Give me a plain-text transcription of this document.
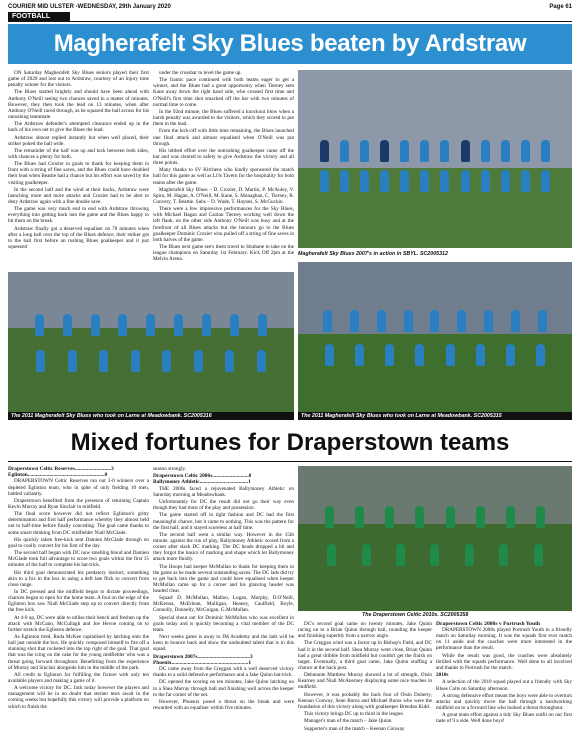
COURIER MID ULSTER -WEDNESDAY, 29th January 2020	Page 61
FOOTBALL
Magherafelt Sky Blues beaten by Ardstraw

ON Saturday Magherafelt Sky Blues seniors played their first game of 2020 and lost out to Ardstraw, courtesy of an injury time penalty winner for the visitors.

The Blues started brightly and should have been ahead with Anthony O'Neill seeing two chances saved in a matter of minutes. However, they then took the lead on 13 minutes, when after Anthony O'Neill raced through, as he squared the ball across for his onrushing teammate.

The Ardstraw defender's attempted clearance ended up in the back of his own net to give the Blues the lead.

Ardstraw almost replied instantly but when well placed, their striker poked the ball wide.

The remainder of the half was up and tuck between both sides, with chances a plenty for both.

The Blues had Crozier in goals to thank for keeping them in front with a string of fine saves, and the Blues could have doubled their lead when Beattie had a chance but his effort was saved by the visiting goalkeeper.

In the second half and the wind at their backs, Ardstraw were launching more and more attacks and Crozier had to be alert to deny Ardstraw again with a fine double save.

The game was very much end to end with Ardstraw throwing everything into getting back into the game and the Blues happy to hit them on the break.

Ardstraw finally got a deserved equaliser on 78 minutes when after a long ball over the top of the Blues defence, their striker got to the ball first before an rushing Blues goalkeeper and it just squeezed

under the crossbar to level the game up.

The frantic pace continued with both teams eager to get a winner, and the Blues had a great opportunity when Tierney sent Kane away down the right hand side, who crossed first time and O'Neill's first time shot smacked off the bar with two minutes of normal time to come.

In the 92nd minute, the Blues suffered a knockout blow when a harsh penalty was awarded to the visitors, which they scored to put them in the lead.

From the kick-off with little time remaining, the Blues launched one final attack and almost equalised when O'Neill was put through.

His lobbed effort over the outrushing goalkeeper came off the bar and was cleared to safety to give Ardstraw the victory and all three points.

Many thanks to SV Kitchens who kindly sponsored the match ball for this game as well as Li'ls Tavern for the hospitality for both teams after the game.

Magherafelt Sky Blues – D. Crozier, D. Martin, P. McAuley, V. Spiru, M. Hagan, A. O'Neill, M. Kane, S. Monaghan, C. Tierney, R. Convery, T. Beattie. Subs – D. Wade, T. Haynes, S. McGuckin.

There were a few impressive performances for the Sky Blues, with Michael Hagan and Caolan Tierney working well down the left flank, on the other side Anthony O'Neill was busy and at the forefront of all Blues attacks but the honours go to the Blues goalkeeper Dominic Crozier who pulled off a string of fine saves in both halves of the game.

The Blues next game see's them travel to Strabane to take on the league champions on Saturday 1st February. Kick Off 2pm at the Melvin Arena.

Magherafelt Sky Blues 2007's in action in SBYL. SC2005312
The 2011 Magherafelt Sky Blues who took on Larne at Meadowbank. SC2005316	The 2011 Magherafelt Sky Blues who took on Larne at Meadowbank. SC2005315
Mixed fortunes for Draperstown teams
Draperstown Celtic Reserves...........................3
Eglinton.........................................................0

DRAPERSTOWN Celtic Reserves ran out 3-0 winners over a depleted Eglinton team, who in spite of only fielding 10 men, battled valiantly.

Draperstown benefited from the presence of returning Captain Kevin Murray and Ryan Sinclair in midfield.

The final score however did not reflect Eglinton's gritty determination and first half performance whereby they almost held out to half-time before finally conceding. The goal came thanks to some smart thinking from DC midfielder Niall McGlade.

His quickly taken free-kick sent Damien McGlade through on goal to coolly convert for his first of the day.

The second half began with DC now smelling blood and Damien McGlade took full advantage to score two goals within the first 15 minutes of the half to complete his hat-trick.

His third goal demonstrated his predatory instinct, something akin to a fox in the box in using a deft late flick to convert from close range.

In DC pressed and the midfield began to dictate proceedings, chances began to open for the home team. A foul on the edge of the Eglinton box saw Niall McGlade step up to convert directly from the free kick.

At 4-0 up, DC were able to utilise their bench and freshen up the attack with McCann, McCullagh and Joe Hevne coming on to further stretch the Eglinton defence.

As Eglinton tired, Ruda McKee capitalised by latching onto the ball just outside the box. He quickly composed himself to fire off a stunning shot that rocketed into the top right of the goal. That goal that was the icing on the cake for the young midfielder who was a threat going forward throughout. Benefitting from the experience of Murray and Sinclair alongside him in the middle of the park.

All credit to Eglinton for fulfilling the fixture with only ten available players and making a game of it.

A welcome victory for DC. Jack today however the players and management will be in no doubt that sterner tests await in the coming weeks but hopefully this victory will provide a platform on which to finish the

season strongly.

Draperstown Celtic 2006s...........................0
Ballymoney Athletic....................................1

THE 2006s faced a rejuvenated Ballymoney Athletic on Saturday morning at Meadowbank.

Unfortunately for DC the result did not go their way even though they had most of the play and possession.

The game started off in tight fashion and DC had the first meaningful chance, but it came to nothing. This was the pattern for the first half, and it stayed scoreless at half time.

The second half went a similar way. However in the 15th minute, against the run of play, Ballymoney Athletic scored from a corner after slack DC marking. The DC heads dropped a bit and they forgot the basics of marking and shape which let Ballymoney attack more fluidly.

The Hoops had keeper McMullan to thank for keeping them in the game as he made several outstanding saves. The DC lads did try to get back into the game and could have equalised when keeper McMullan came up for a corner and his glancing header was headed clear.

Squad: D. McMullan, Mallon, Logan, Murphy, D.O'Neill, McKenna, McErlean, Mulligan, Heaney, Caulfield, Boyle, Connolly, Donnelly, McGuigan, G.McMullan.

Special shout out for Dominic McMullan who was excellent in goals today and is quickly becoming a vital member of the DC team.

Next weeks game is away to JM Academy and the lads will be keen to bounce back and show the undoubted talent that is in this squad.

Draperstown 2007s.......................................3
Phoenix.........................................................1

DC came away from the Creggan with a well deserved victory thanks to a solid defensive performance and a Jake Quinn hat-trick.

DC opened the scoring on ten minutes, Jake Quinn latching on to a Shea Murray through ball and finishing well across the keeper to the far corner of the net.

However, Phoenix posed a threat on the break and were rewarded with an equaliser within five minutes.

The Draperstown Celtic 2010s. SC2005358

DC's second goal came on twenty minutes, Jake Quinn racing on to a Brian Quinn through ball, rounding the keeper and finishing superbly from a narrow angle.

The Creggan wind was a factor up in Bishop's Field, and DC had it in the second half. Shea Murray went close, Brian Quinn had a great dribble from midfield but couldn't get the finish on target. Eventually, a third goal came, Jake Quinn stuffing a chance at the back post.

Debutante Matthew Murray showed a lot of strength, Oisin Kearney and Niall McAnerney displaying some nice touches in midfield.

However, it was probably the back four of Oisin Doherty, Keenan Conway, Sean Burns and Michael Burns who were the foundation of this victory along with goalkeeper Brendan Kidd.

This victory brings DC up to third in the league.

Manager's man of the match – Jake Quinn

Supporter's man of the match – Keenan Conway

Draperstown Celtic 2008s v Portrush Youth

DRAPERSTOWN 2008s played Portrush Youth in a friendly match on Saturday morning. It was the squads first ever match on 11 aside and the coaches were more interested in the performance than the result.

While the result was good, the coaches were absolutely thrilled with the squads performance. Well done to all involved and thanks to Portrush for the match.

2010s

A selection of the 2010 squad played out a friendly with Sky Blues Colts on Saturday afternoon.

A strong defensive effort meant the boys were able to overturn attacks and quickly move the ball through a hardworking midfield on to a forward line who looked a threat throughout.

A great team effort against a tidy Sky Blues outfit on our first taste of 9 a side. Well done boys!
